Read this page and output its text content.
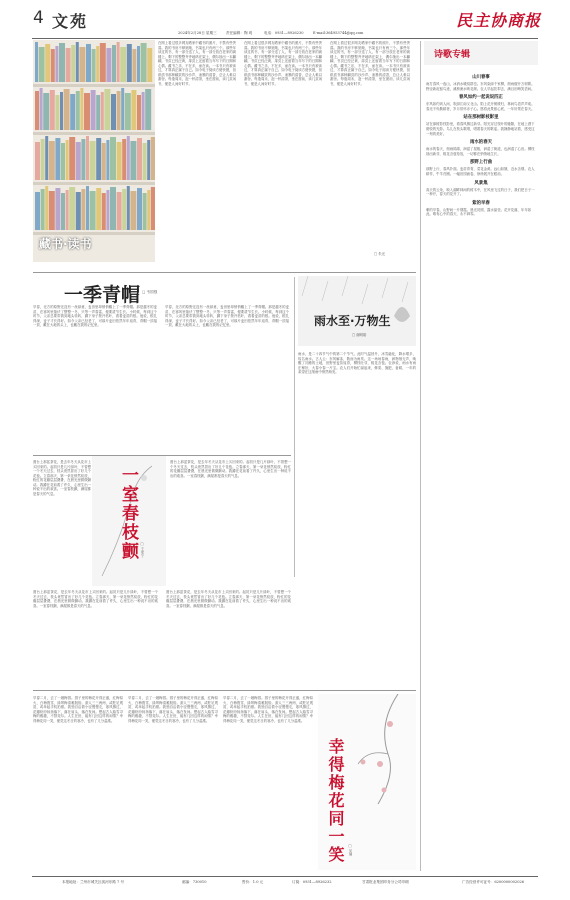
4 文苑
2024年2月28日 星期三	责任编辑：陶 玥	电话：0931—8926230	E-mail:364953744@qq.com
民主协商报
藏书·读书
□ 朱光
在网上看过很多网友晒家中藏书的照片，不禁有些羡慕。我的书房不够宽敞，书架也只有两三个。那些年读过的书，有一部分送了人，有一部分放在老家的阁楼上，剩下的整整齐齐地码在架上，偶尔抽出一本翻翻，书页已经泛黄，扉页上还留着当年写下的日期和心情。藏书之乐，不在多，而在读。一本书只有被读过，才算真正属于自己。如今电子阅读方便快捷，但纸质书那种翻页的沙沙声、油墨的清香，总让人难以割舍。每逢周末，泡一杯清茶，坐在窗前，读几页闲书，便是人间好时节。
在网上看过很多网友晒家中藏书的照片，不禁有些羡慕。我的书房不够宽敞，书架也只有两三个。那些年读过的书，有一部分送了人，有一部分放在老家的阁楼上，剩下的整整齐齐地码在架上，偶尔抽出一本翻翻，书页已经泛黄，扉页上还留着当年写下的日期和心情。藏书之乐，不在多，而在读。一本书只有被读过，才算真正属于自己。如今电子阅读方便快捷，但纸质书那种翻页的沙沙声、油墨的清香，总让人难以割舍。每逢周末，泡一杯清茶，坐在窗前，读几页闲书，便是人间好时节。
在网上看过很多网友晒家中藏书的照片，不禁有些羡慕。我的书房不够宽敞，书架也只有两三个。那些年读过的书，有一部分送了人，有一部分放在老家的阁楼上，剩下的整整齐齐地码在架上，偶尔抽出一本翻翻，书页已经泛黄，扉页上还留着当年写下的日期和心情。藏书之乐，不在多，而在读。一本书只有被读过，才算真正属于自己。如今电子阅读方便快捷，但纸质书那种翻页的沙沙声、油墨的清香，总让人难以割舍。每逢周末，泡一杯清茶，坐在窗前，读几页闲书，便是人间好时节。
一季青帽 □ 韦国强
早春，北方的原野还没有一丝绿意，麦田里却悄悄戴上了一季青帽。那是越冬的麦苗，在寒风里蛰伏了整整一冬，只等一声春雷，便要拔节生长。小时候，每到这个时节，父亲总要带我到地头转转，蹲下身子拨开枯叶，看看麦苗的根。他说，根扎得深，麦子才长得好。如今父亲已经老了，可那片麦田依然年年返青，青帽一顶接一顶，戴在大地的头上，也戴在我的记忆里。
早春，北方的原野还没有一丝绿意，麦田里却悄悄戴上了一季青帽。那是越冬的麦苗，在寒风里蛰伏了整整一冬，只等一声春雷，便要拔节生长。小时候，每到这个时节，父亲总要带我到地头转转，蹲下身子拨开枯叶，看看麦苗的根。他说，根扎得深，麦子才长得好。如今父亲已经老了，可那片麦田依然年年返青，青帽一顶接一顶，戴在大地的头上，也戴在我的记忆里。	雨水至·万物生
□ 谢明皓
雨水，是二十四节气中的第二个节气。此时气温回升，冰雪融化，降水增多，故名雨水。古人云：东风解冻，散而为雨矣。这一场场春雨，润物细无声，唤醒了沉睡的土地，田野里麦苗返青，柳枝吐芽，桃花含苞。农谚说，雨水有雨庄稼好，大春小春一片宝。农人们开始忙碌起来，修渠、施肥、备耕，一年的希望在这细雨中悄然萌发。
窗台上那盆茶花，是去年冬天从花市上买回来的。起初只是几片绿叶，不曾想一个冬天过去，枝头竟然冒出了好几个花苞。立春那天，第一朵花悄然绽放，粉红的花瓣层层叠叠，在晨光里微微颤动。我蹲在花前看了许久，心里生出一种说不出的欢喜。一室春枝颤，满屋都是春天的气息。	一室春枝颤 □ 王家宁
窗台上那盆茶花，是去年冬天从花市上买回来的。起初只是几片绿叶，不曾想一个冬天过去，枝头竟然冒出了好几个花苞。立春那天，第一朵花悄然绽放，粉红的花瓣层层叠叠，在晨光里微微颤动。我蹲在花前看了许久，心里生出一种说不出的欢喜。一室春枝颤，满屋都是春天的气息。
窗台上那盆茶花，是去年冬天从花市上买回来的。起初只是几片绿叶，不曾想一个冬天过去，枝头竟然冒出了好几个花苞。立春那天，第一朵花悄然绽放，粉红的花瓣层层叠叠，在晨光里微微颤动。我蹲在花前看了许久，心里生出一种说不出的欢喜。一室春枝颤，满屋都是春天的气息。
窗台上那盆茶花，是去年冬天从花市上买回来的。起初只是几片绿叶，不曾想一个冬天过去，枝头竟然冒出了好几个花苞。立春那天，第一朵花悄然绽放，粉红的花瓣层层叠叠，在晨光里微微颤动。我蹲在花前看了许久，心里生出一种说不出的欢喜。一室春枝颤，满屋都是春天的气息。
早春二月，去了一趟梅园。园子里的梅花开得正盛，红梅似火，白梅胜雪，绿萼梅清雅脱俗。游人三三两两，或驻足观赏，或举起手机拍照。我独自沿着小径慢慢走，寒风拂过，花瓣纷纷扬扬落下，落在肩头，落在发间。想起古人踏雪寻梅的雅趣，不禁莞尔。人生在世，能有几回这样的闲情？幸得梅花同一笑，便觉这冬日的寒冷，也有了几分温柔。
早春二月，去了一趟梅园。园子里的梅花开得正盛，红梅似火，白梅胜雪，绿萼梅清雅脱俗。游人三三两两，或驻足观赏，或举起手机拍照。我独自沿着小径慢慢走，寒风拂过，花瓣纷纷扬扬落下，落在肩头，落在发间。想起古人踏雪寻梅的雅趣，不禁莞尔。人生在世，能有几回这样的闲情？幸得梅花同一笑，便觉这冬日的寒冷，也有了几分温柔。
早春二月，去了一趟梅园。园子里的梅花开得正盛，红梅似火，白梅胜雪，绿萼梅清雅脱俗。游人三三两两，或驻足观赏，或举起手机拍照。我独自沿着小径慢慢走，寒风拂过，花瓣纷纷扬扬落下，落在肩头，落在发间。想起古人踏雪寻梅的雅趣，不禁莞尔。人生在世，能有几回这样的闲情？幸得梅花同一笑，便觉这冬日的寒冷，也有了几分温柔。
幸得梅花同一笑 □ 吴琳
诗歌专辑
山川春事
雨打春风一夜山，冰消水暖绕群峦。东风染绿千家柳，细雨催开万树繁。野径新泥留鸟迹，溪桥流水映花颜。农人早起扶犁去，满目田畴笑语间。
春风如约一起说说四正
东风如约到人间，吹绿江南又北山。陌上花开缓缓归，林间鸟语声声欢。春光不负勤耕者，岁月常怀赤子心。愿将此景留心底，一年好景在春天。
站在那树影枝影里
站在那树影枝影里，看春风拂过新芽。阳光穿过枝叶的缝隙，在地上洒下斑驳的光影。鸟儿在枝头歌唱，唱着春天的歌谣。我静静地站着，感受这一刻的美好。
雨水的春天
雨水的春天，细雨绵绵，润湿了屋檐，润湿了街道，也润湿了心田。柳枝抽出新芽，桃花含苞待放，一切都在悄悄地生长。
那野上行曲
那野上行，春风扑面。麦苗青青，菜花金黄。远山如黛，近水含烟。农人耕作，牛羊归圈。一幅田园画卷，徐徐展开在眼前。
风景集
高天的云朵，映入湖畔林间的树木中，在风里飞过的日子，我们把日子一一种开，春天的花开了。
紫的早春
紫的早春，山野间一片烟霞。晨光初照，露水晶莹。花开花落，年年如此。唯有心中的春天，永不凋零。
本报地址：兰州市城关区滨河东路 7 号	邮编：730010	售价：1.0 元	订阅：0931—8926232	甘肃报业集团印务分公司印刷	广告经营许可证号：6200000002026
